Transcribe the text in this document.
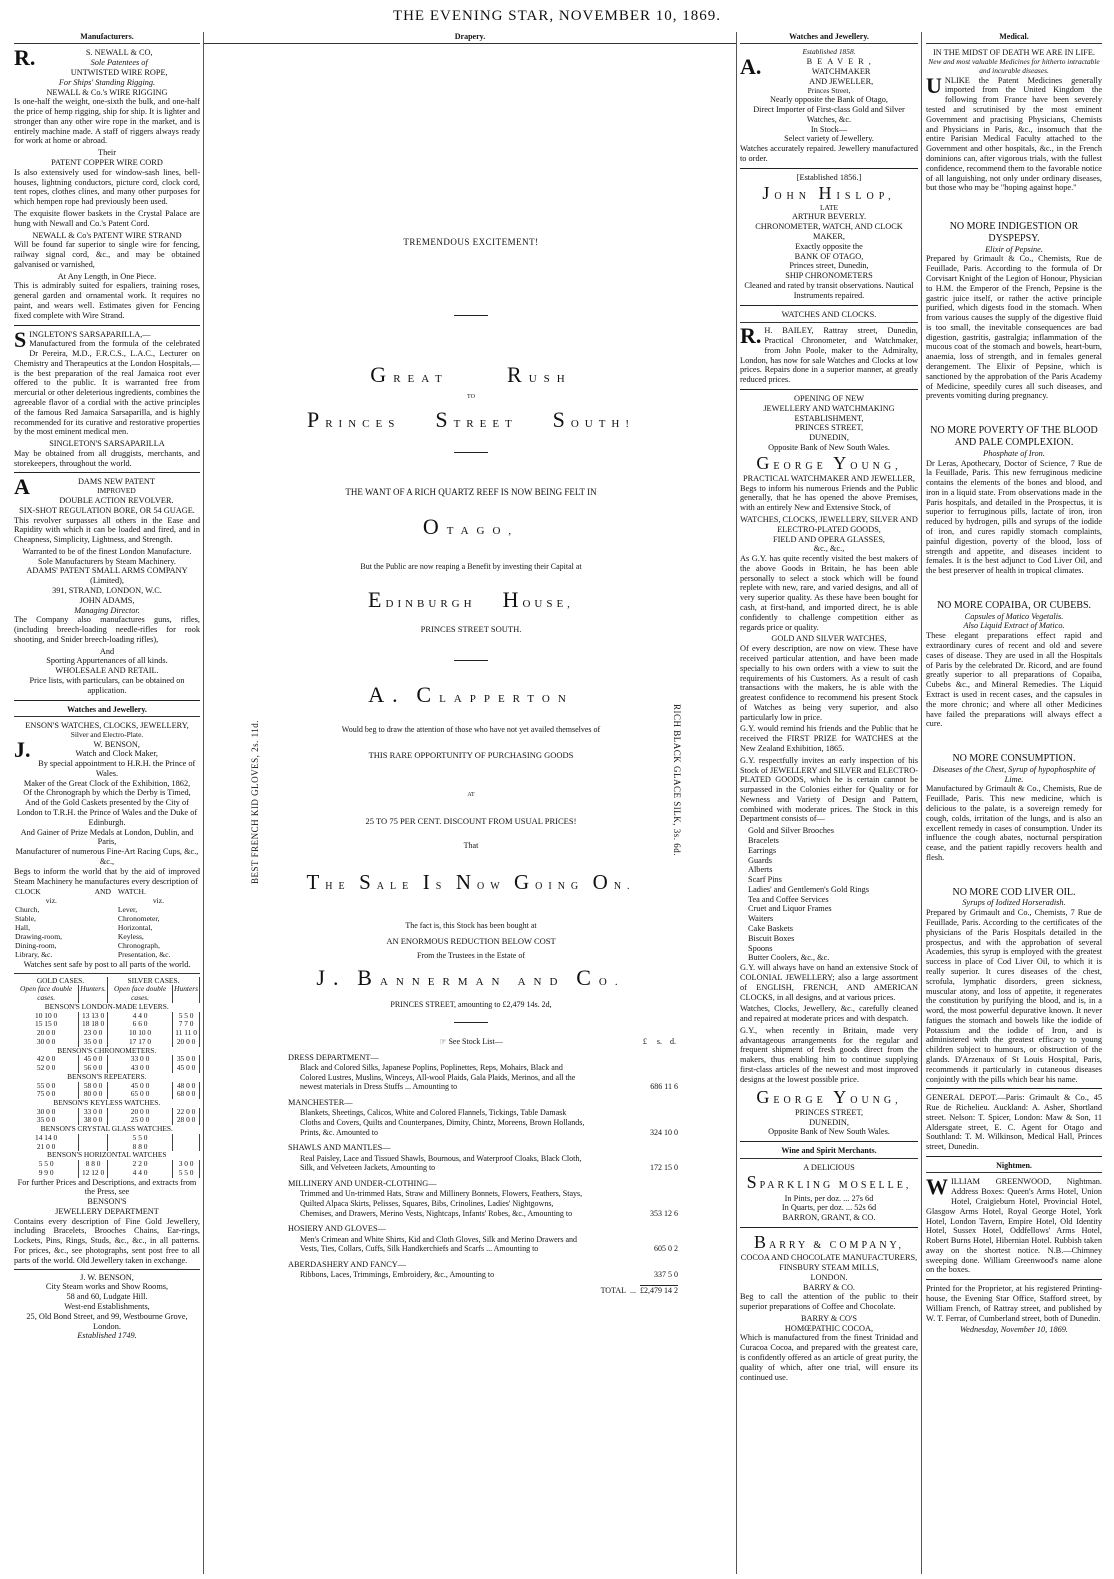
THE EVENING STAR, NOVEMBER 10, 1869.
Manufacturers.
R.	S. NEWALL & CO,
Sole Patentees of
UNTWISTED WIRE ROPE,
For Ships' Standing Rigging.
NEWALL & Co.'s WIRE RIGGING

Is one-half the weight, one-sixth the bulk, and one-half the price of hemp rigging, ship for ship. It is lighter and stronger than any other wire rope in the market, and is entirely machine made. A staff of riggers always ready for work at home or abroad.

Their
PATENT COPPER WIRE CORD

Is also extensively used for window-sash lines, bell-houses, lightning conductors, picture cord, clock cord, tent ropes, clothes clines, and many other purposes for which hempen rope had previously been used.

The exquisite flower baskets in the Crystal Palace are hung with Newall and Co.'s Patent Cord.

NEWALL & Co's PATENT WIRE STRAND

Will be found far superior to single wire for fencing, railway signal cord, &c., and may be obtained galvanised or varnished,

At Any Length, in One Piece.

This is admirably suited for espaliers, training roses, general garden and ornamental work. It requires no paint, and wears well. Estimates given for Fencing fixed complete with Wire Strand.

S INGLETON'S SARSAPARILLA,—

Manufactured from the formula of the celebrated Dr Pereira, M.D., F.R.C.S., L.A.C., Lecturer on Chemistry and Therapeutics at the London Hospitals,—is the best preparation of the real Jamaica root ever offered to the public. It is warranted free from mercurial or other deleterious ingredients, combines the agreeable flavor of a cordial with the active principles of the famous Red Jamaica Sarsaparilla, and is highly recommended for its curative and restorative properties by the most eminent medical men.

SINGLETON'S SARSAPARILLA

May be obtained from all druggists, merchants, and storekeepers, throughout the world.

A	DAMS NEW PATENT
IMPROVED
DOUBLE ACTION REVOLVER.
SIX-SHOT REGULATION BORE, OR 54 GUAGE.

This revolver surpasses all others in the Ease and Rapidity with which it can be loaded and fired, and in Cheapness, Simplicity, Lightness, and Strength.

Warranted to be of the finest London Manufacture.
Sole Manufacturers by Steam Machinery.
ADAMS' PATENT SMALL ARMS COMPANY
(Limited),
391, STRAND, LONDON, W.C.
JOHN ADAMS,
Managing Director.

The Company also manufactures guns, rifles, (including breech-loading needle-rifles for rook shooting, and Snider breech-loading rifles),

And
Sporting Appurtenances of all kinds.
WHOLESALE AND RETAIL.
Price lists, with particulars, can be obtained on application.
Watches and Jewellery.
ENSON'S WATCHES, CLOCKS, JEWELLERY,
Silver and Electro-Plate.
J.	W. BENSON,
Watch and Clock Maker,
By special appointment to H.R.H. the Prince of Wales.
Maker of the Great Clock of the Exhibition, 1862,
Of the Chronograph by which the Derby is Timed,
And of the Gold Caskets presented by the City of London to T.R.H. the Prince of Wales and the Duke of Edinburgh.
And Gainer of Prize Medals at London, Dublin, and Paris,
Manufacturer of numerous Fine-Art Racing Cups, &c., &c.,

Begs to inform the world that by the aid of improved Steam Machinery he manufactures every description of

CLOCK	AND	WATCH.
viz.		viz.
Church,		Lever,
Stable,		Chronometer,
Hall,		Horizontal,
Drawing-room,		Keyless,
Dining-room,		Chronograph,
Library, &c.		Presentation, &c.
Watches sent safe by post to all parts of the world.
GOLD CASES.		SILVER CASES.	
Open face double cases.	Hunters.	Open face double cases.	Hunters
BENSON'S LONDON-MADE LEVERS.			
10 10 0	13 13 0	4 4 0	5 5 0
15 15 0	18 18 0	6 6 0	7 7 0
20 0 0	23 0 0	10 10 0	11 11 0
30 0 0	35 0 0	17 17 0	20 0 0
BENSON'S CHRONOMETERS.			
42 0 0	45 0 0	33 0 0	35 0 0
52 0 0	56 0 0	43 0 0	45 0 0
BENSON'S REPEATERS.			
55 0 0	58 0 0	45 0 0	48 0 0
75 0 0	80 0 0	65 0 0	68 0 0
BENSON'S KEYLESS WATCHES.			
30 0 0	33 0 0	20 0 0	22 0 0
35 0 0	38 0 0	25 0 0	28 0 0
BENSON'S CRYSTAL GLASS WATCHES.			
14 14 0		5 5 0	
21 0 0		8 8 0	
BENSON'S HORIZONTAL WATCHES			
5 5 0	8 8 0	2 2 0	3 0 0
9 9 0	12 12 0	4 4 0	5 5 0
For further Prices and Descriptions, and extracts from the Press, see
BENSON'S
JEWELLERY DEPARTMENT

Contains every description of Fine Gold Jewellery, including Bracelets, Brooches Chains, Ear-rings, Lockets, Pins, Rings, Studs, &c., &c., in all patterns. For prices, &c., see photographs, sent post free to all parts of the world. Old Jewellery taken in exchange.

J. W. BENSON,
City Steam works and Show Rooms,
58 and 60, Ludgate Hill.
West-end Establishments,
25, Old Bond Street, and 99, Westbourne Grove, London.
Established 1749.
Drapery.
TREMENDOUS EXCITEMENT!
GREAT	RUSH
TO
PRINCES STREET SOUTH!
THE WANT OF A RICH QUARTZ REEF IS NOW BEING FELT IN
OTAGO,
But the Public are now reaping a Benefit by investing their Capital at
EDINBURGH HOUSE,
PRINCES STREET SOUTH.
A. CLAPPERTON
Would beg to draw the attention of those who have not yet availed themselves of
THIS RARE OPPORTUNITY OF PURCHASING GOODS
AT
25 TO 75 PER CENT. DISCOUNT FROM USUAL PRICES!
That
THE SALE IS NOW GOING ON.
The fact is, this Stock has been bought at
AN ENORMOUS REDUCTION BELOW COST
From the Trustees in the Estate of
J. BANNERMAN AND CO.
PRINCES STREET, amounting to £2,479 14s. 2d,
☞ See Stock List—
BEST FRENCH KID GLOVES, 2s. 11d.	RICH BLACK GLACE SILK, 3s. 6d.
£ s. d.
DRESS DEPARTMENT—
Black and Colored Silks, Japanese Poplins, Poplinettes, Reps, Mohairs, Black and Colored Lustres, Muslins, Winceys, All-wool Plaids, Gala Plaids, Merinos, and all the newest materials in Dress Stuffs ... Amounting to	686 11 6
MANCHESTER—
Blankets, Sheetings, Calicos, White and Colored Flannels, Tickings, Table Damask Cloths and Covers, Quilts and Counterpanes, Dimity, Chintz, Moreens, Brown Hollands, Prints, &c. Amounted to	324 10 0
SHAWLS AND MANTLES—
Real Paisley, Lace and Tissued Shawls, Bournous, and Waterproof Cloaks, Black Cloth, Silk, and Velveteen Jackets, Amounting to	172 15 0
MILLINERY AND UNDER-CLOTHING—
Trimmed and Un-trimmed Hats, Straw and Millinery Bonnets, Flowers, Feathers, Stays, Quilted Alpaca Skirts, Pelisses, Squares, Bibs, Crinolines, Ladies' Nightgowns, Chemises, and Drawers, Merino Vests, Nightcaps, Infants' Robes, &c., Amounting to	353 12 6
HOSIERY AND GLOVES—
Men's Crimean and White Shirts, Kid and Cloth Gloves, Silk and Merino Drawers and Vests, Ties, Collars, Cuffs, Silk Handkerchiefs and Scarfs ... Amounting to	605 0 2
ABERDASHERY AND FANCY—
Ribbons, Laces, Trimmings, Embroidery, &c., Amounting to	337 5 0
TOTAL ... £2,479 14 2
Watches and Jewellery.
Established 1858.
A.	BEAVER,
WATCHMAKER
AND JEWELLER,
Princes Street,
Nearly opposite the Bank of Otago,
Direct Importer of First-class Gold and Silver Watches, &c.
In Stock—
Select variety of Jewellery.

Watches accurately repaired. Jewellery manufactured to order.

[Established 1856.]
JOHN HISLOP,
LATE
ARTHUR BEVERLY.
CHRONOMETER, WATCH, AND CLOCK MAKER,
Exactly opposite the
BANK OF OTAGO,
Princes street, Dunedin,
SHIP CHRONOMETERS
Cleaned and rated by transit observations. Nautical Instruments repaired.
WATCHES AND CLOCKS.
R. H. BAILEY, Rattray street, Dunedin, Practical Chronometer, and Watchmaker, from John Poole, maker to the Admiralty, London, has now for sale Watches and Clocks at low prices. Repairs done in a superior manner, at greatly reduced prices.

OPENING OF NEW
JEWELLERY AND WATCHMAKING ESTABLISHMENT,
PRINCES STREET,
DUNEDIN,
Opposite Bank of New South Wales.
GEORGE YOUNG,
PRACTICAL WATCHMAKER AND JEWELLER,

Begs to inform his numerous Friends and the Public generally, that he has opened the above Premises, with an entirely New and Extensive Stock, of

WATCHES, CLOCKS, JEWELLERY, SILVER AND ELECTRO-PLATED GOODS,
FIELD AND OPERA GLASSES,
&c., &c.,

As G.Y. has quite recently visited the best makers of the above Goods in Britain, he has been able personally to select a stock which will be found replete with new, rare, and varied designs, and all of very superior quality. As these have been bought for cash, at first-hand, and imported direct, he is able confidently to challenge competition either as regards price or quality.

GOLD AND SILVER WATCHES,

Of every description, are now on view. These have received particular attention, and have been made specially to his own orders with a view to suit the requirements of his Customers. As a result of cash transactions with the makers, he is able with the greatest confidence to recommend his present Stock of Watches as being very superior, and also particularly low in price.

G.Y. would remind his friends and the Public that he received the FIRST PRIZE for WATCHES at the New Zealand Exhibition, 1865.

G.Y. respectfully invites an early inspection of his Stock of JEWELLERY and SILVER and ELECTRO-PLATED GOODS, which he is certain cannot be surpassed in the Colonies either for Quality or for Newness and Variety of Design and Pattern, combined with moderate prices. The Stock in this Department consists of—

Gold and Silver Brooches
Bracelets
Earrings
Guards
Alberts
Scarf Pins
Ladies' and Gentlemen's Gold Rings
Tea and Coffee Services
Cruet and Liquor Frames
Waiters
Cake Baskets
Biscuit Boxes
Spoons
Butter Coolers, &c., &c.

G.Y. will always have on hand an extensive Stock of COLONIAL JEWELLERY; also a large assortment of ENGLISH, FRENCH, AND AMERICAN CLOCKS, in all designs, and at various prices.

Watches, Clocks, Jewellery, &c., carefully cleaned and repaired at moderate prices and with despatch.

G.Y., when recently in Britain, made very advantageous arrangements for the regular and frequent shipment of fresh goods direct from the makers, thus enabling him to continue supplying first-class articles of the newest and most improved designs at the lowest possible price.

GEORGE YOUNG,
PRINCES STREET,
DUNEDIN,
Opposite Bank of New South Wales.
Wine and Spirit Merchants.
A DELICIOUS
SPARKLING MOSELLE,
In Pints, per doz. ... 27s 6d
In Quarts, per doz. ... 52s 6d
BARRON, GRANT, & CO.
BARRY & COMPANY,
COCOA AND CHOCOLATE MANUFACTURERS,
FINSBURY STEAM MILLS,
LONDON.
BARRY & CO.

Beg to call the attention of the public to their superior preparations of Coffee and Chocolate.

BARRY & CO'S
HOMŒPATHIC COCOA,

Which is manufactured from the finest Trinidad and Curacoa Cocoa, and prepared with the greatest care, is confidently offered as an article of great purity, the quality of which, after one trial, will ensure its continued use.

Medical.
IN THE MIDST OF DEATH WE ARE IN LIFE.
New and most valuable Medicines for hitherto intractable and incurable diseases.
U NLIKE the Patent Medicines generally imported from the United Kingdom the following from France have been severely tested and scrutinised by the most eminent Government and practising Physicians, Chemists and Physicians in Paris, &c., insomuch that the entire Parisian Medical Faculty attached to the Government and other hospitals, &c., in the French dominions can, after vigorous trials, with the fullest confidence, recommend them to the favorable notice of all languishing, not only under ordinary diseases, but those who may be "hoping against hope."

NO MORE INDIGESTION OR DYSPEPSY.
Elixir of Pepsine.

Prepared by Grimault & Co., Chemists, Rue de Feuillade, Paris. According to the formula of Dr Corvisart Knight of the Legion of Honour, Physician to H.M. the Emperor of the French, Pepsine is the gastric juice itself, or rather the active principle purified, which digests food in the stomach. When from various causes the supply of the digestive fluid is too small, the inevitable consequences are bad digestion, gastritis, gastralgia; inflammation of the mucous coat of the stomach and bowels, heart-burn, anaemia, loss of strength, and in females general derangement. The Elixir of Pepsine, which is sanctioned by the approbation of the Paris Academy of Medicine, speedily cures all such diseases, and prevents vomiting during pregnancy.

NO MORE POVERTY OF THE BLOOD AND PALE COMPLEXION.
Phosphate of Iron.

Dr Leras, Apothecary, Doctor of Science, 7 Rue de la Feuillade, Paris. This new ferruginous medicine contains the elements of the bones and blood, and iron in a liquid state. From observations made in the Paris hospitals, and detailed in the Prospectus, it is superior to ferruginous pills, lactate of iron, iron reduced by hydrogen, pills and syrups of the iodide of iron, and cures rapidly stomach complaints, painful digestion, poverty of the blood, loss of strength and appetite, and diseases incident to females. It is the best adjunct to Cod Liver Oil, and the best preserver of health in tropical climates.

NO MORE COPAIBA, OR CUBEBS.
Capsules of Matico Vegetalis.
Also Liquid Extract of Matico.

These elegant preparations effect rapid and extraordinary cures of recent and old and severe cases of disease. They are used in all the Hospitals of Paris by the celebrated Dr. Ricord, and are found greatly superior to all preparations of Copaiba, Cubebs &c., and Mineral Remedies. The Liquid Extract is used in recent cases, and the capsules in the more chronic; and where all other Medicines have failed the preparations will always effect a cure.

NO MORE CONSUMPTION.
Diseases of the Chest, Syrup of hypophosphite of Lime.

Manufactured by Grimault & Co., Chemists, Rue de Feuillade, Paris. This new medicine, which is delicious to the palate, is a sovereign remedy for cough, colds, irritation of the lungs, and is also an excellent remedy in cases of consumption. Under its influence the cough abates, nocturnal perspiration cease, and the patient rapidly recovers health and flesh.

NO MORE COD LIVER OIL.
Syrups of Iodized Horseradish.

Prepared by Grimault and Co., Chemists, 7 Rue de Feuillade, Paris. According to the certificates of the physicians of the Paris Hospitals detailed in the prospectus, and with the approbation of several Academies, this syrup is employed with the greatest success in place of Cod Liver Oil, to which it is really superior. It cures diseases of the chest, scrofula, lymphatic disorders, green sickness, muscular atony, and loss of appetite, it regenerates the constitution by purifying the blood, and is, in a word, the most powerful depurative known. It never fatigues the stomach and bowels like the iodide of Potassium and the iodide of Iron, and is administered with the greatest efficacy to young children subject to humours, or obstruction of the glands. D'Arzenaux of St Louis Hospital, Paris, recommends it particularly in cutaneous diseases conjointly with the pills which bear his name.

GENERAL DEPOT.—Paris: Grimault & Co., 45 Rue de Richelieu. Auckland: A. Asher, Shortland street. Nelson: T. Spicer, London: Maw & Son, 11 Aldersgate street, E. C. Agent for Otago and Southland: T. M. Wilkinson, Medical Hall, Princes street, Dunedin.

Nightmen.
W ILLIAM GREENWOOD, Nightman. Address Boxes: Queen's Arms Hotel, Union Hotel, Craigieburn Hotel, Provincial Hotel, Glasgow Arms Hotel, Royal George Hotel, York Hotel, London Tavern, Empire Hotel, Old Identity Hotel, Sussex Hotel, Oddfellows' Arms Hotel, Robert Burns Hotel, Hibernian Hotel. Rubbish taken away on the shortest notice. N.B.—Chimney sweeping done. William Greenwood's name alone on the boxes.

Printed for the Proprietor, at his registered Printing-house, the Evening Star Office, Stafford street, by William French, of Rattray street, and published by W. T. Ferrar, of Cumberland street, both of Dunedin.

Wednesday, November 10, 1869.
